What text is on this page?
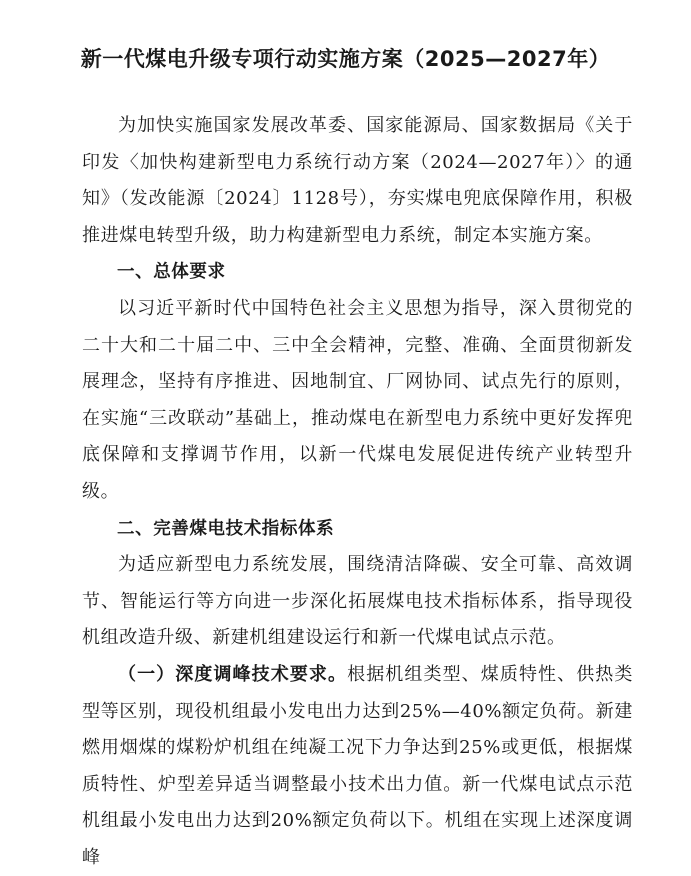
新一代煤电升级专项行动实施方案（2025—2027年）

为加快实施国家发展改革委、国家能源局、国家数据局《关于印发〈加快构建新型电力系统行动方案（2024—2027年）〉的通知》（发改能源〔2024〕1128号），夯实煤电兜底保障作用，积极推进煤电转型升级，助力构建新型电力系统，制定本实施方案。

一、总体要求

以习近平新时代中国特色社会主义思想为指导，深入贯彻党的二十大和二十届二中、三中全会精神，完整、准确、全面贯彻新发展理念，坚持有序推进、因地制宜、厂网协同、试点先行的原则，在实施“三改联动”基础上，推动煤电在新型电力系统中更好发挥兜底保障和支撑调节作用，以新一代煤电发展促进传统产业转型升级。

二、完善煤电技术指标体系

为适应新型电力系统发展，围绕清洁降碳、安全可靠、高效调节、智能运行等方向进一步深化拓展煤电技术指标体系，指导现役机组改造升级、新建机组建设运行和新一代煤电试点示范。

（一）深度调峰技术要求。根据机组类型、煤质特性、供热类型等区别，现役机组最小发电出力达到25%—40%额定负荷。新建燃用烟煤的煤粉炉机组在纯凝工况下力争达到25%或更低，根据煤质特性、炉型差异适当调整最小技术出力值。新一代煤电试点示范机组最小发电出力达到20%额定负荷以下。机组在实现上述深度调峰
